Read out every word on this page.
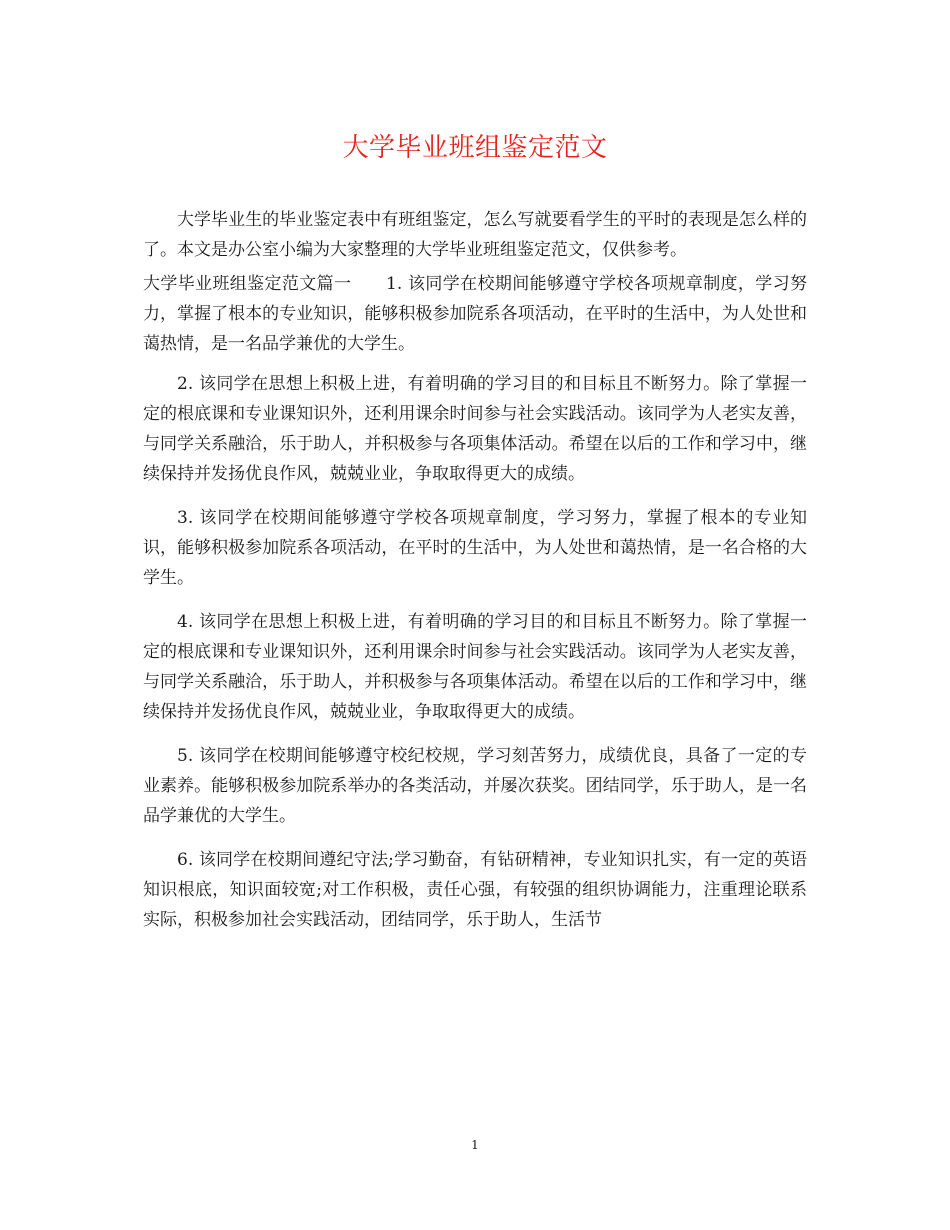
大学毕业班组鉴定范文

大学毕业生的毕业鉴定表中有班组鉴定，怎么写就要看学生的平时的表现是怎么样的了。本文是办公室小编为大家整理的大学毕业班组鉴定范文，仅供参考。

大学毕业班组鉴定范文篇一　　1. 该同学在校期间能够遵守学校各项规章制度，学习努力，掌握了根本的专业知识，能够积极参加院系各项活动，在平时的生活中，为人处世和蔼热情，是一名品学兼优的大学生。

2. 该同学在思想上积极上进，有着明确的学习目的和目标且不断努力。除了掌握一定的根底课和专业课知识外，还利用课余时间参与社会实践活动。该同学为人老实友善，与同学关系融洽，乐于助人，并积极参与各项集体活动。希望在以后的工作和学习中，继续保持并发扬优良作风，兢兢业业，争取取得更大的成绩。

3. 该同学在校期间能够遵守学校各项规章制度，学习努力，掌握了根本的专业知识，能够积极参加院系各项活动，在平时的生活中，为人处世和蔼热情，是一名合格的大学生。

4. 该同学在思想上积极上进，有着明确的学习目的和目标且不断努力。除了掌握一定的根底课和专业课知识外，还利用课余时间参与社会实践活动。该同学为人老实友善，与同学关系融洽，乐于助人，并积极参与各项集体活动。希望在以后的工作和学习中，继续保持并发扬优良作风，兢兢业业，争取取得更大的成绩。

5. 该同学在校期间能够遵守校纪校规，学习刻苦努力，成绩优良，具备了一定的专业素养。能够积极参加院系举办的各类活动，并屡次获奖。团结同学，乐于助人，是一名品学兼优的大学生。

6. 该同学在校期间遵纪守法;学习勤奋，有钻研精神，专业知识扎实，有一定的英语知识根底，知识面较宽;对工作积极，责任心强，有较强的组织协调能力，注重理论联系实际，积极参加社会实践活动，团结同学，乐于助人，生活节

1
